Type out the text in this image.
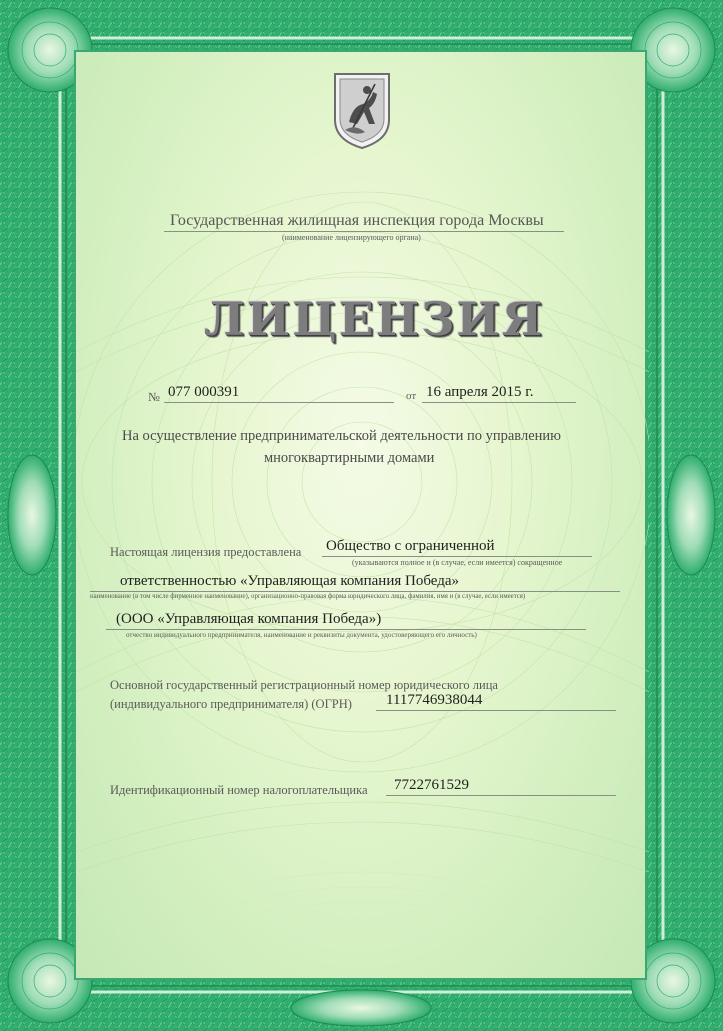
Государственная жилищная инспекция города Москвы
(наименование лицензирующего органа)
ЛИЦЕНЗИЯ
№ 077 000391	от 16 апреля 2015 г.
На осуществление предпринимательской деятельности по управлению
многоквартирными домами
Настоящая лицензия предоставлена Общество с ограниченной
(указываются полное и (в случае, если имеется) сокращенное
ответственностью «Управляющая компания Победа»
наименование (в том числе фирменное наименование), организационно-правовая форма юридического лица, фамилия, имя и (в случае, если имеется)
(ООО «Управляющая компания Победа»)
отчество индивидуального предпринимателя, наименование и реквизиты документа, удостоверяющего его личность)
Основной государственный регистрационный номер юридического лица
(индивидуального предпринимателя) (ОГРН) 1117746938044
Идентификационный номер налогоплательщика 7722761529
